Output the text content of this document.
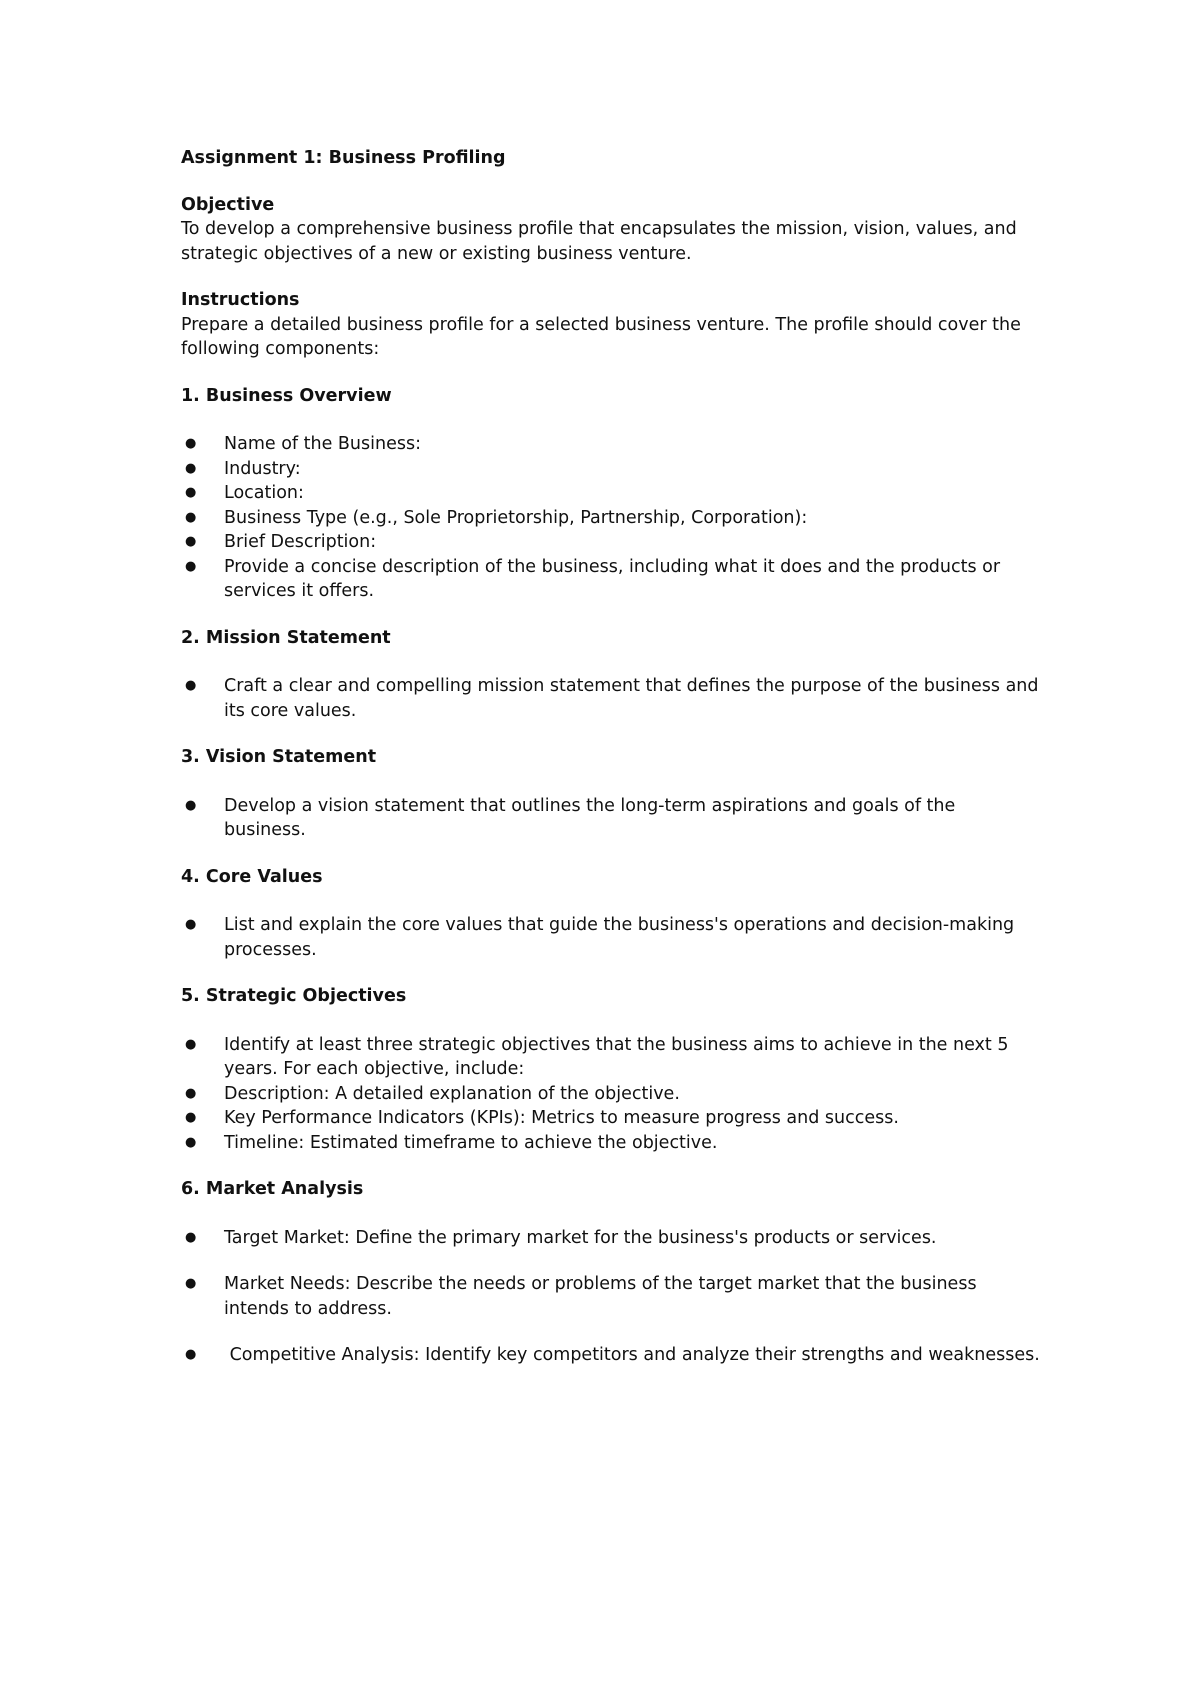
Assignment 1: Business Profiling

Objective

To develop a comprehensive business profile that encapsulates the mission, vision, values, and strategic objectives of a new or existing business venture.

Instructions

Prepare a detailed business profile for a selected business venture. The profile should cover the following components:

1. Business Overview

● Name of the Business:
● Industry:
● Location:
● Business Type (e.g., Sole Proprietorship, Partnership, Corporation):
● Brief Description:
● Provide a concise description of the business, including what it does and the products or services it offers.

2. Mission Statement

● Craft a clear and compelling mission statement that defines the purpose of the business and its core values.

3. Vision Statement

● Develop a vision statement that outlines the long-term aspirations and goals of the business.

4. Core Values

● List and explain the core values that guide the business's operations and decision-making processes.

5. Strategic Objectives

● Identify at least three strategic objectives that the business aims to achieve in the next 5 years. For each objective, include:
● Description: A detailed explanation of the objective.
● Key Performance Indicators (KPIs): Metrics to measure progress and success.
● Timeline: Estimated timeframe to achieve the objective.

6. Market Analysis

● Target Market: Define the primary market for the business's products or services.
● Market Needs: Describe the needs or problems of the target market that the business intends to address.
● Competitive Analysis: Identify key competitors and analyze their strengths and weaknesses.
